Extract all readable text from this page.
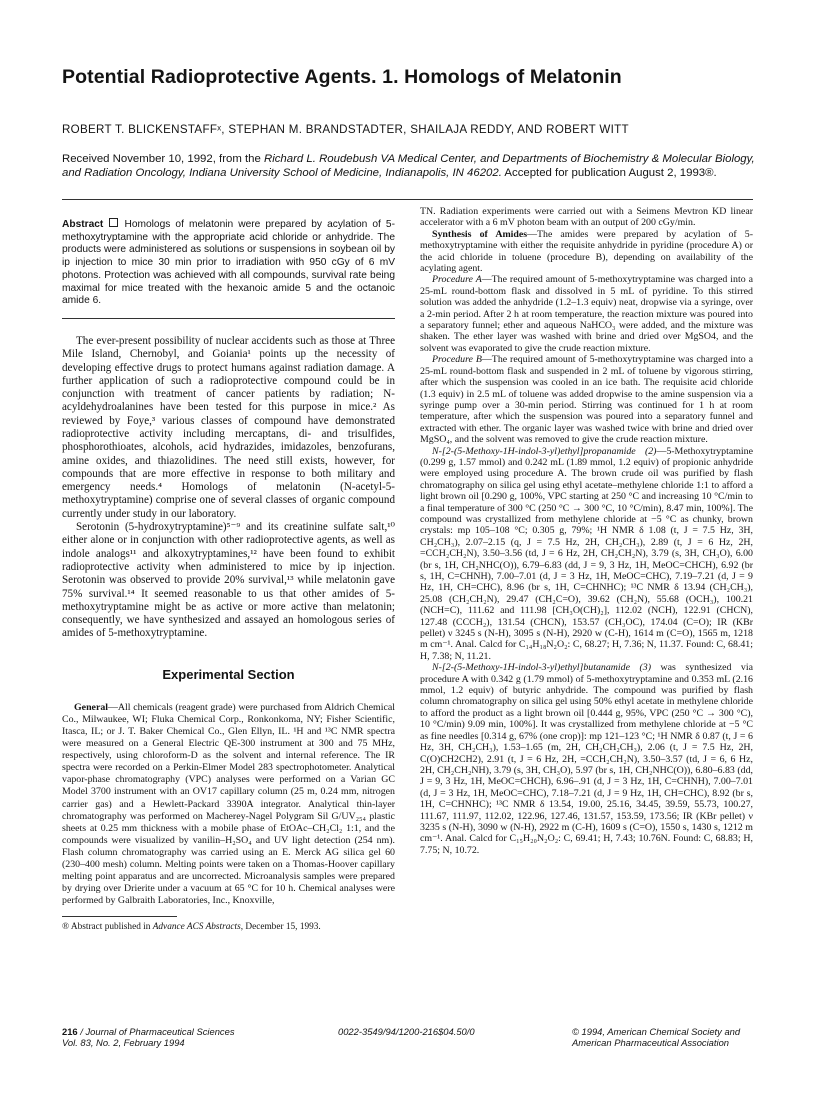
Potential Radioprotective Agents. 1. Homologs of Melatonin
ROBERT T. BLICKENSTAFFˣ, STEPHAN M. BRANDSTADTER, SHAILAJA REDDY, AND ROBERT WITT
Received November 10, 1992, from the Richard L. Roudebush VA Medical Center, and Departments of Biochemistry & Molecular Biology, and Radiation Oncology, Indiana University School of Medicine, Indianapolis, IN 46202. Accepted for publication August 2, 1993®.
Abstract  Homologs of melatonin were prepared by acylation of 5-methoxytryptamine with the appropriate acid chloride or anhydride. The products were administered as solutions or suspensions in soybean oil by ip injection to mice 30 min prior to irradiation with 950 cGy of 6 mV photons. Protection was achieved with all compounds, survival rate being maximal for mice treated with the hexanoic amide 5 and the octanoic amide 6.

The ever-present possibility of nuclear accidents such as those at Three Mile Island, Chernobyl, and Goiania¹ points up the necessity of developing effective drugs to protect humans against radiation damage. A further application of such a radioprotective compound could be in conjunction with treatment of cancer patients by radiation; N-acyldehydroalanines have been tested for this purpose in mice.² As reviewed by Foye,³ various classes of compound have demonstrated radioprotective activity including mercaptans, di- and trisulfides, phosphorothioates, alcohols, acid hydrazides, imidazoles, benzofurans, amine oxides, and thiazolidines. The need still exists, however, for compounds that are more effective in response to both military and emergency needs.⁴ Homologs of melatonin (N-acetyl-5-methoxytryptamine) comprise one of several classes of organic compound currently under study in our laboratory.

Serotonin (5-hydroxytryptamine)⁵⁻⁹ and its creatinine sulfate salt,¹⁰ either alone or in conjunction with other radioprotective agents, as well as indole analogs¹¹ and alkoxytryptamines,¹² have been found to exhibit radioprotective activity when administered to mice by ip injection. Serotonin was observed to provide 20% survival,¹³ while melatonin gave 75% survival.¹⁴ It seemed reasonable to us that other amides of 5-methoxytryptamine might be as active or more active than melatonin; consequently, we have synthesized and assayed an homologous series of amides of 5-methoxytryptamine.

Experimental Section

General—All chemicals (reagent grade) were purchased from Aldrich Chemical Co., Milwaukee, WI; Fluka Chemical Corp., Ronkonkoma, NY; Fisher Scientific, Itasca, IL; or J. T. Baker Chemical Co., Glen Ellyn, IL. ¹H and ¹³C NMR spectra were measured on a General Electric QE-300 instrument at 300 and 75 MHz, respectively, using chloroform-D as the solvent and internal reference. The IR spectra were recorded on a Perkin-Elmer Model 283 spectrophotometer. Analytical vapor-phase chromatography (VPC) analyses were performed on a Varian GC Model 3700 instrument with an OV17 capillary column (25 m, 0.24 mm, nitrogen carrier gas) and a Hewlett-Packard 3390A integrator. Analytical thin-layer chromatography was performed on Macherey-Nagel Polygram Sil G/UV₂₅₄ plastic sheets at 0.25 mm thickness with a mobile phase of EtOAc–CH₂Cl₂ 1:1, and the compounds were visualized by vanilin–H₂SO₄ and UV light detection (254 nm). Flash column chromatography was carried using an E. Merck AG silica gel 60 (230–400 mesh) column. Melting points were taken on a Thomas-Hoover capillary melting point apparatus and are uncorrected. Microanalysis samples were prepared by drying over Drierite under a vacuum at 65 °C for 10 h. Chemical analyses were performed by Galbraith Laboratories, Inc., Knoxville,

® Abstract published in Advance ACS Abstracts, December 15, 1993.

TN. Radiation experiments were carried out with a Seimens Mevtron KD linear accelerator with a 6 mV photon beam with an output of 200 cGy/min.

Synthesis of Amides—The amides were prepared by acylation of 5-methoxytryptamine with either the requisite anhydride in pyridine (procedure A) or the acid chloride in toluene (procedure B), depending on availability of the acylating agent.

Procedure A—The required amount of 5-methoxytryptamine was charged into a 25-mL round-bottom flask and dissolved in 5 mL of pyridine. To this stirred solution was added the anhydride (1.2–1.3 equiv) neat, dropwise via a syringe, over a 2-min period. After 2 h at room temperature, the reaction mixture was poured into a separatory funnel; ether and aqueous NaHCO₃ were added, and the mixture was shaken. The ether layer was washed with brine and dried over MgSO4, and the solvent was evaporated to give the crude reaction mixture.

Procedure B—The required amount of 5-methoxytryptamine was charged into a 25-mL round-bottom flask and suspended in 2 mL of toluene by vigorous stirring, after which the suspension was cooled in an ice bath. The requisite acid chloride (1.3 equiv) in 2.5 mL of toluene was added dropwise to the amine suspension via a syringe pump over a 30-min period. Stirring was continued for 1 h at room temperature, after which the suspension was poured into a separatory funnel and extracted with ether. The organic layer was washed twice with brine and dried over MgSO₄, and the solvent was removed to give the crude reaction mixture.

N-[2-(5-Methoxy-1H-indol-3-yl)ethyl]propanamide (2)—5-Methoxytryptamine (0.299 g, 1.57 mmol) and 0.242 mL (1.89 mmol, 1.2 equiv) of propionic anhydride were employed using procedure A. The brown crude oil was purified by flash chromatography on silica gel using ethyl acetate–methylene chloride 1:1 to afford a light brown oil [0.290 g, 100%, VPC starting at 250 °C and increasing 10 °C/min to a final temperature of 300 °C (250 °C → 300 °C, 10 °C/min), 8.47 min, 100%]. The compound was crystallized from methylene chloride at −5 °C as chunky, brown crystals: mp 105–108 °C; 0.305 g, 79%; ¹H NMR δ 1.08 (t, J = 7.5 Hz, 3H, CH₂CH₃), 2.07–2.15 (q, J = 7.5 Hz, 2H, CH₂CH₃), 2.89 (t, J = 6 Hz, 2H, =CCH₂CH₂N), 3.50–3.56 (td, J = 6 Hz, 2H, CH₂CH₂N), 3.79 (s, 3H, CH₃O), 6.00 (br s, 1H, CH₂NHC(O)), 6.79–6.83 (dd, J = 9, 3 Hz, 1H, MeOC=CHCH), 6.92 (br s, 1H, C=CHNH), 7.00–7.01 (d, J = 3 Hz, 1H, MeOC=CHC), 7.19–7.21 (d, J = 9 Hz, 1H, CH=CHC), 8.96 (br s, 1H, C=CHNHC); ¹³C NMR δ 13.94 (CH₂CH₃), 25.08 (CH₂CH₂N), 29.47 (CH₂C=O), 39.62 (CH₂N), 55.68 (OCH₃), 100.21 (NCH=C), 111.62 and 111.98 [CH₃O(CH)₂], 112.02 (NCH), 122.91 (CHCN), 127.48 (CCCH₂), 131.54 (CHCN), 153.57 (CH₃OC), 174.04 (C=O); IR (KBr pellet) ν 3245 s (N-H), 3095 s (N-H), 2920 w (C-H), 1614 m (C=O), 1565 m, 1218 m cm⁻¹. Anal. Calcd for C₁₄H₁₈N₂O₂: C, 68.27; H, 7.36; N, 11.37. Found: C, 68.41; H, 7.38; N, 11.21.

N-[2-(5-Methoxy-1H-indol-3-yl)ethyl]butanamide (3) was synthesized via procedure A with 0.342 g (1.79 mmol) of 5-methoxytryptamine and 0.353 mL (2.16 mmol, 1.2 equiv) of butyric anhydride. The compound was purified by flash column chromatography on silica gel using 50% ethyl acetate in methylene chloride to afford the product as a light brown oil [0.444 g, 95%, VPC (250 °C → 300 °C), 10 °C/min) 9.09 min, 100%]. It was crystallized from methylene chloride at −5 °C as fine needles [0.314 g, 67% (one crop)]: mp 121–123 °C; ¹H NMR δ 0.87 (t, J = 6 Hz, 3H, CH₂CH₃), 1.53–1.65 (m, 2H, CH₂CH₂CH₃), 2.06 (t, J = 7.5 Hz, 2H, C(O)CH2CH2), 2.91 (t, J = 6 Hz, 2H, =CCH₂CH₂N), 3.50–3.57 (td, J = 6, 6 Hz, 2H, CH₂CH₂NH), 3.79 (s, 3H, CH₃O), 5.97 (br s, 1H, CH₂NHC(O)), 6.80–6.83 (dd, J = 9, 3 Hz, 1H, MeOC=CHCH), 6.96–.91 (d, J = 3 Hz, 1H, C=CHNH), 7.00–7.01 (d, J = 3 Hz, 1H, MeOC=CHC), 7.18–7.21 (d, J = 9 Hz, 1H, CH=CHC), 8.92 (br s, 1H, C=CHNHC); ¹³C NMR δ 13.54, 19.00, 25.16, 34.45, 39.59, 55.73, 100.27, 111.67, 111.97, 112.02, 122.96, 127.46, 131.57, 153.59, 173.56; IR (KBr pellet) ν 3235 s (N-H), 3090 w (N-H), 2922 m (C-H), 1609 s (C=O), 1550 s, 1430 s, 1212 m cm⁻¹. Anal. Calcd for C₁₅H₂₀N₂O₂: C, 69.41; H, 7.43; 10.76N. Found: C, 68.83; H, 7.75; N, 10.72.

216 / Journal of Pharmaceutical Sciences
Vol. 83, No. 2, February 1994
0022-3549/94/1200-216$04.50/0	© 1994, American Chemical Society and
American Pharmaceutical Association
